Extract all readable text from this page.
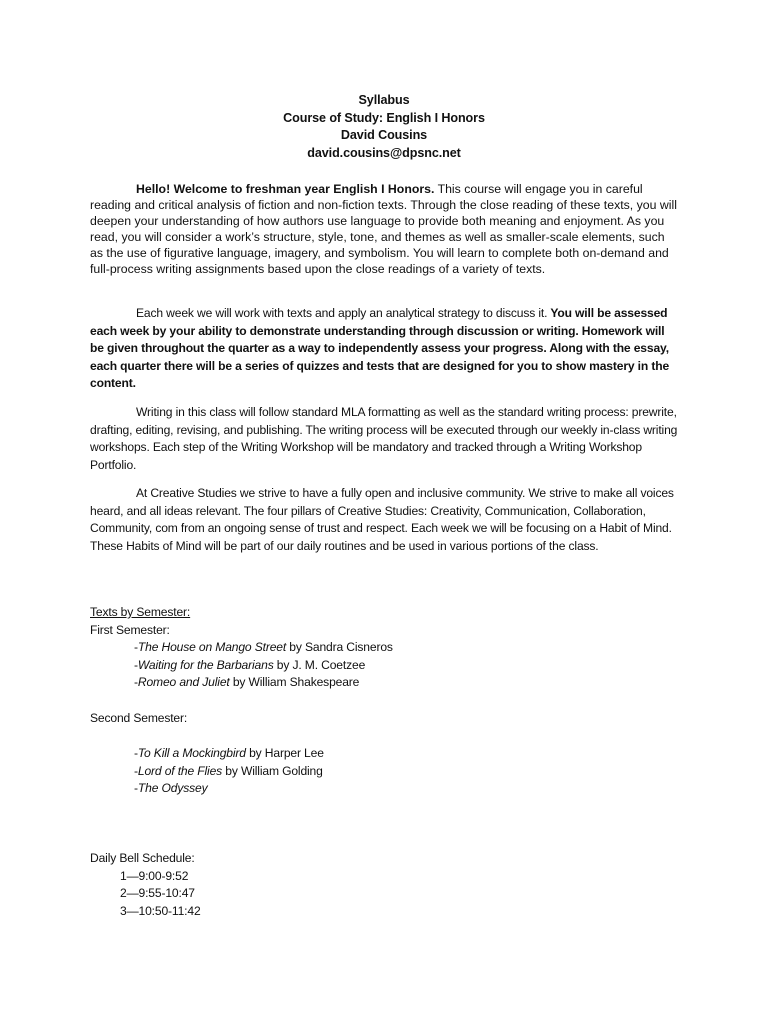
Syllabus
Course of Study: English I Honors
David Cousins
david.cousins@dpsnc.net

Hello! Welcome to freshman year English I Honors. This course will engage you in careful reading and critical analysis of fiction and non-fiction texts. Through the close reading of these texts, you will deepen your understanding of how authors use language to provide both meaning and enjoyment. As you read, you will consider a work’s structure, style, tone, and themes as well as smaller-scale elements, such as the use of figurative language, imagery, and symbolism. You will learn to complete both on-demand and full-process writing assignments based upon the close readings of a variety of texts.

Each week we will work with texts and apply an analytical strategy to discuss it. You will be assessed each week by your ability to demonstrate understanding through discussion or writing. Homework will be given throughout the quarter as a way to independently assess your progress. Along with the essay, each quarter there will be a series of quizzes and tests that are designed for you to show mastery in the content.

Writing in this class will follow standard MLA formatting as well as the standard writing process: prewrite, drafting, editing, revising, and publishing. The writing process will be executed through our weekly in-class writing workshops. Each step of the Writing Workshop will be mandatory and tracked through a Writing Workshop Portfolio.

At Creative Studies we strive to have a fully open and inclusive community. We strive to make all voices heard, and all ideas relevant. The four pillars of Creative Studies: Creativity, Communication, Collaboration, Community, com from an ongoing sense of trust and respect. Each week we will be focusing on a Habit of Mind. These Habits of Mind will be part of our daily routines and be used in various portions of the class.

Texts by Semester:
First Semester:
-The House on Mango Street by Sandra Cisneros
-Waiting for the Barbarians by J. M. Coetzee
-Romeo and Juliet by William Shakespeare
Second Semester:
-To Kill a Mockingbird by Harper Lee
-Lord of the Flies by William Golding
-The Odyssey
Daily Bell Schedule:
1—9:00-9:52
2—9:55-10:47
3—10:50-11:42
